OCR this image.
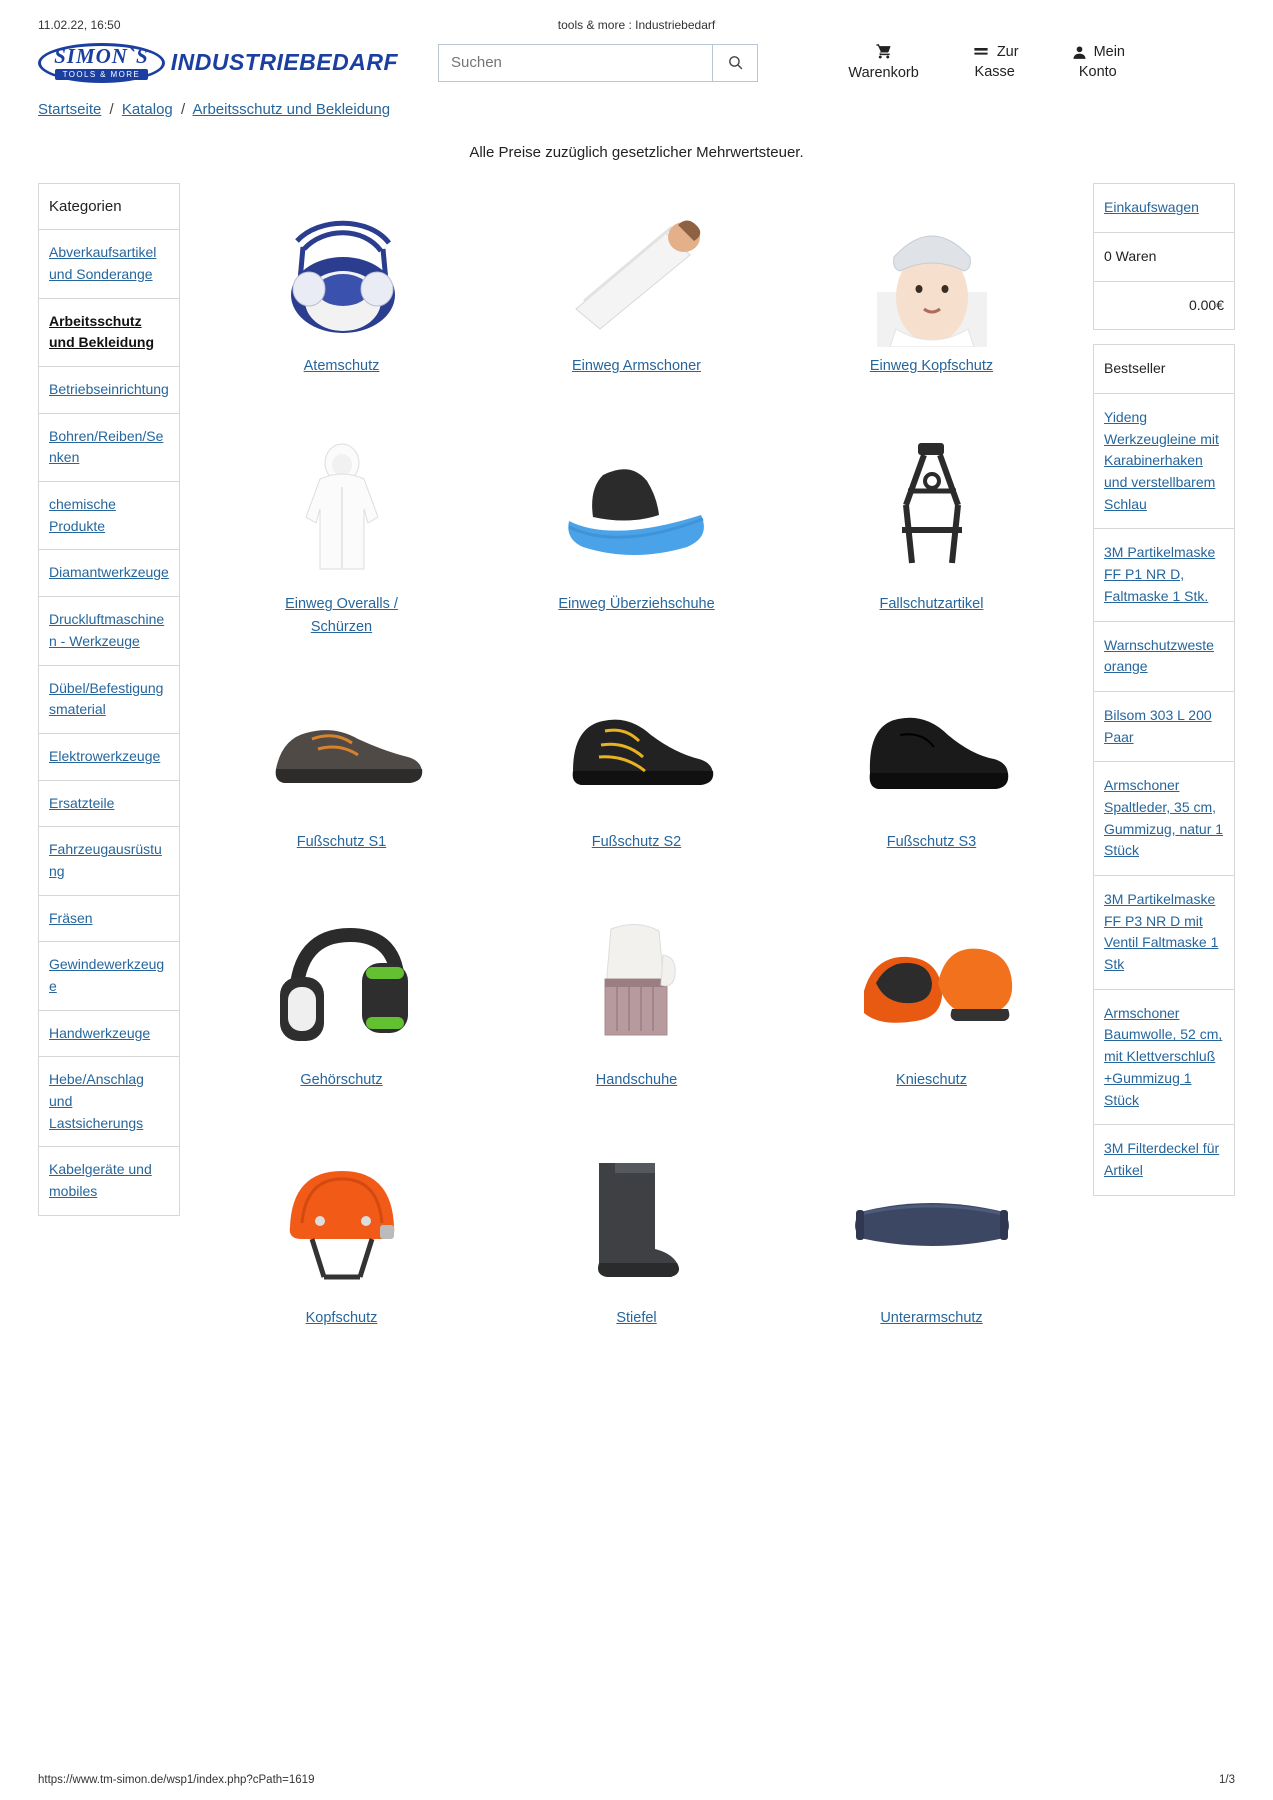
11.02.22, 16:50	tools & more : Industriebedarf
SIMON`S
TOOLS & MORE	INDUSTRIEBEDARF
Suchen	Warenkorb
Zur
Kasse
Mein
Konto
Startseite / Katalog / Arbeitsschutz und Bekleidung
Alle Preise zuzüglich gesetzlicher Mehrwertsteuer.
Kategorien
Abverkaufsartikel und Sonderange
Arbeitsschutz und Bekleidung
Betriebseinrichtung
Bohren/Reiben/Senken
chemische Produkte
Diamantwerkzeuge
Druckluftmaschinen - Werkzeuge
Dübel/Befestigungsmaterial
Elektrowerkzeuge
Ersatzteile
Fahrzeugausrüstung
Fräsen
Gewindewerkzeuge
Handwerkzeuge
Hebe/Anschlag und Lastsicherungs
Kabelgeräte und mobiles
Atemschutz	Einweg Armschoner	Einweg Kopfschutz
Einweg Overalls / Schürzen
Einweg Überziehschuhe	Fallschutzartikel
Fußschutz S1	Fußschutz S2	Fußschutz S3
Gehörschutz	Handschuhe	Knieschutz
Kopfschutz	Stiefel	Unterarmschutz
Einkaufswagen
0 Waren
0.00€
Bestseller
Yideng Werkzeugleine mit Karabinerhaken und verstellbarem Schlau
3M Partikelmaske FF P1 NR D, Faltmaske 1 Stk.
Warnschutzweste orange
Bilsom 303 L 200 Paar
Armschoner Spaltleder, 35 cm, Gummizug, natur 1 Stück
3M Partikelmaske FF P3 NR D mit Ventil Faltmaske 1 Stk
Armschoner Baumwolle, 52 cm, mit Klettverschluß +Gummizug 1 Stück
3M Filterdeckel für Artikel
https://www.tm-simon.de/wsp1/index.php?cPath=1619	1/3
